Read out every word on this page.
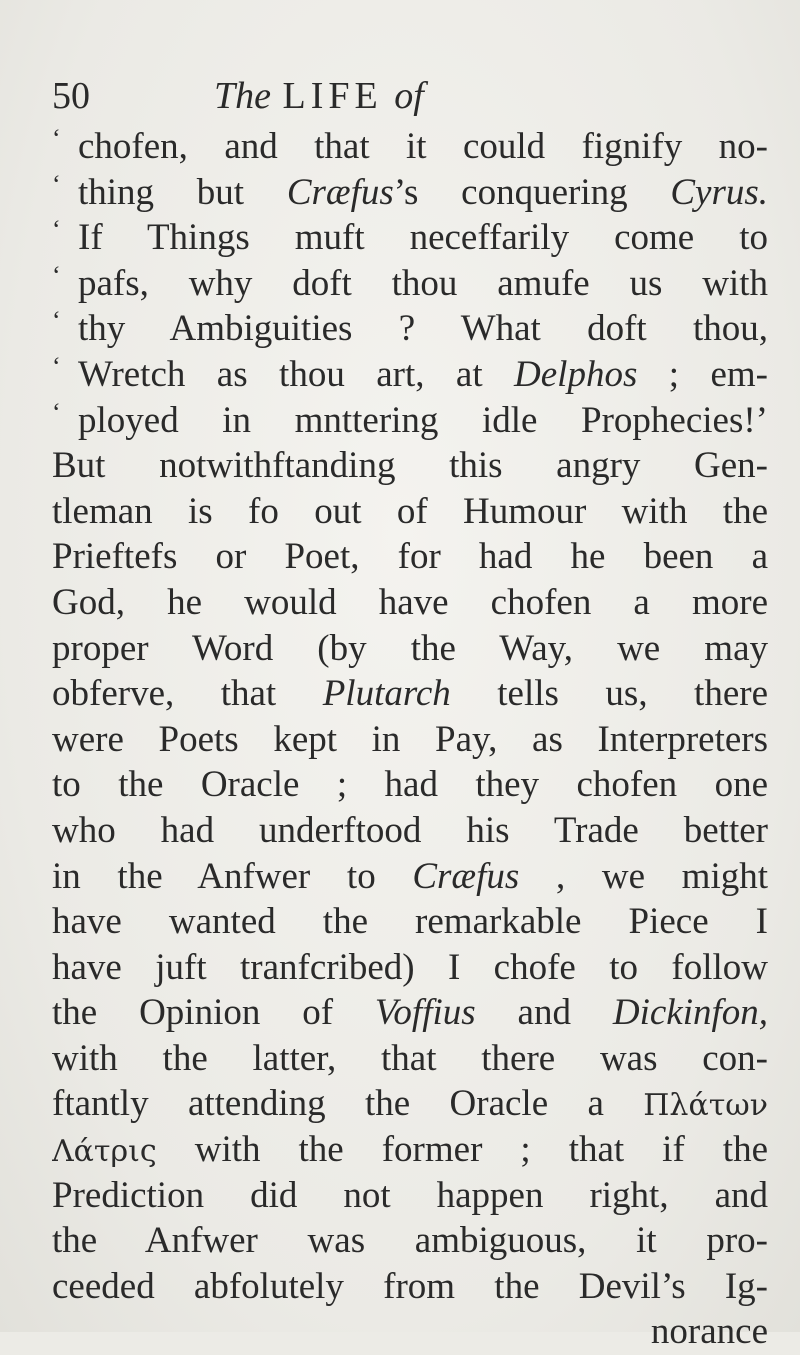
50	The LIFE of
‘ chofen, and that it could fignify no-
‘ thing but Cræfus’s conquering Cyrus.
‘ If Things muft neceffarily come to
‘ pafs, why doft thou amufe us with
‘ thy Ambiguities ? What doft thou,
‘ Wretch as thou art, at Delphos ; em-
‘ ployed in mnttering idle Prophecies!’
But notwithftanding this angry Gen-
tleman is fo out of Humour with the
Prieftefs or Poet, for had he been a
God, he would have chofen a more
proper Word (by the Way, we may
obferve, that Plutarch tells us, there
were Poets kept in Pay, as Interpreters
to the Oracle ; had they chofen one
who had underftood his Trade better
in the Anfwer to Cræfus , we might
have wanted the remarkable Piece I
have juft tranfcribed) I chofe to follow
the Opinion of Voffius and Dickinfon,
with the latter, that there was con-
ftantly attending the Oracle a Πλάτων
Λάτρις with the former ; that if the
Prediction did not happen right, and
the Anfwer was ambiguous, it pro-
ceeded abfolutely from the Devil’s Ig-
norance
